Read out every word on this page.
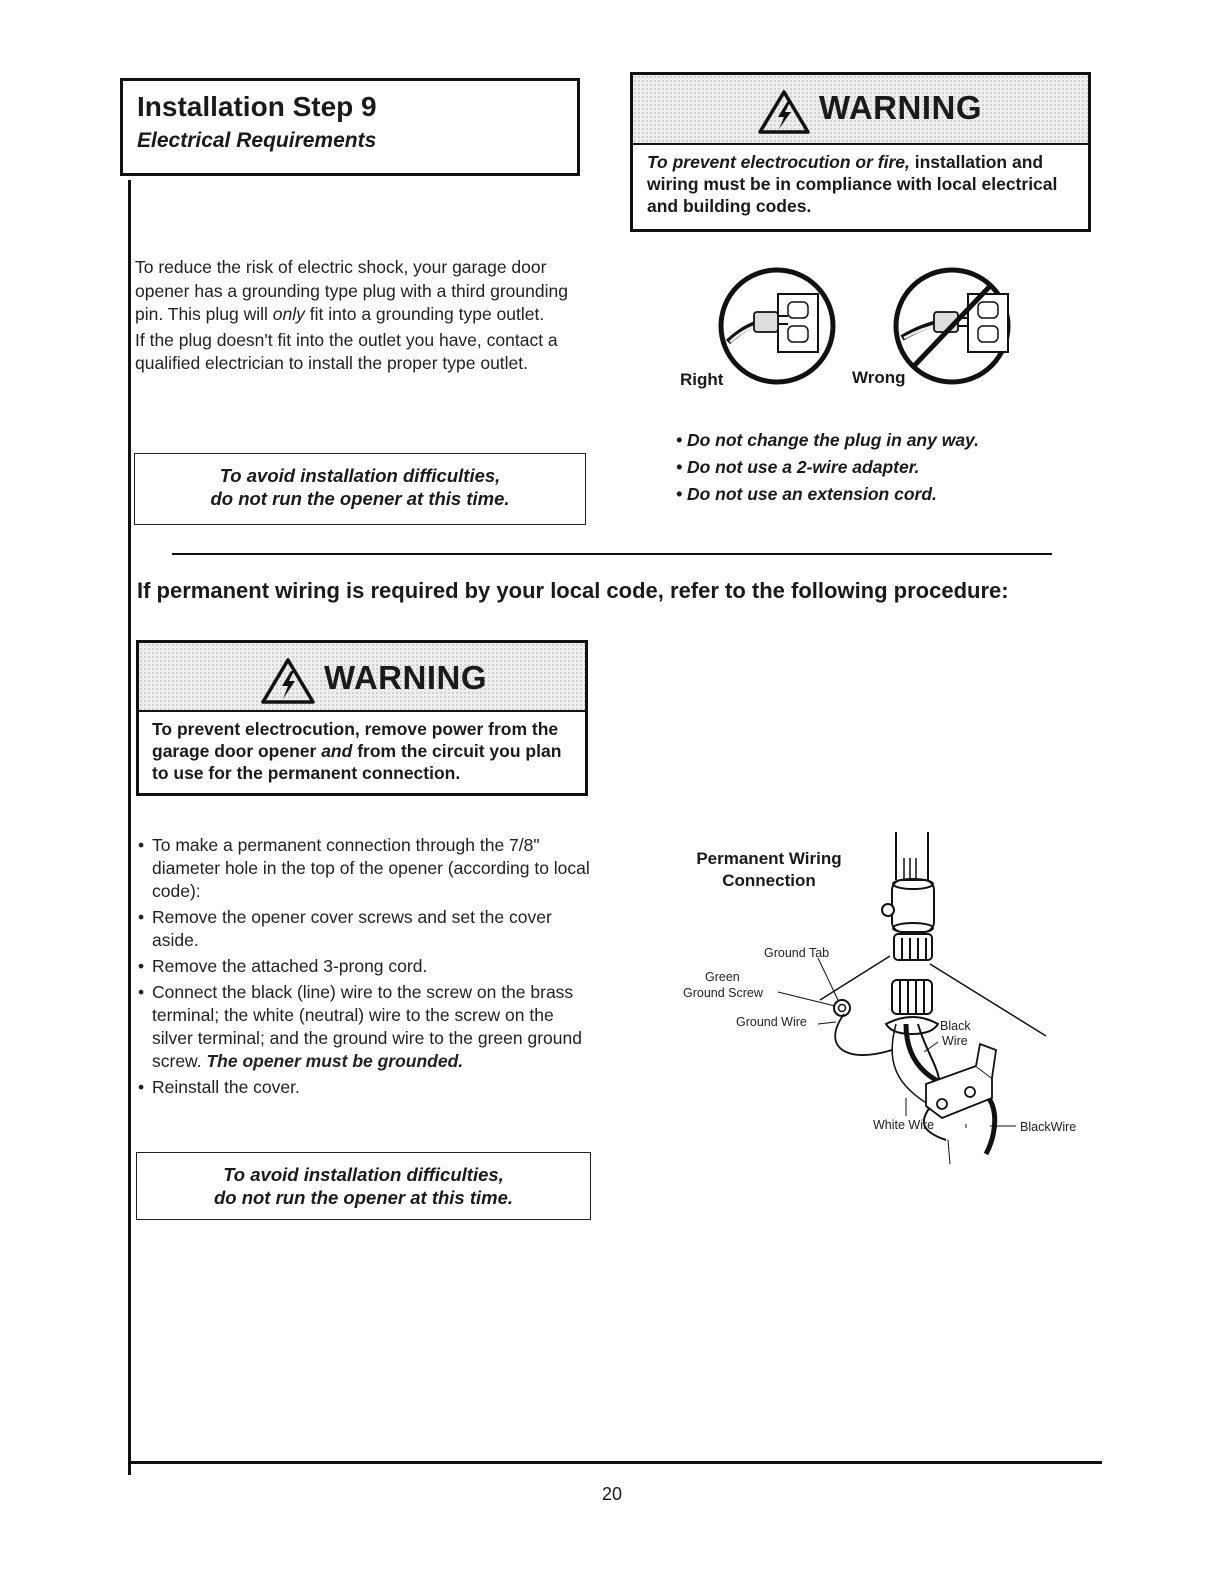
Installation Step 9
Electrical Requirements
WARNING
To prevent electrocution or fire, installation and wiring must be in compliance with local electrical and building codes.
To reduce the risk of electric shock, your garage door opener has a grounding type plug with a third grounding pin. This plug will only fit into a grounding type outlet.
If the plug doesn't fit into the outlet you have, contact a qualified electrician to install the proper type outlet.
To avoid installation difficulties,
do not run the opener at this time.
Right	Wrong
• Do not change the plug in any way.
• Do not use a 2-wire adapter.
• Do not use an extension cord.
If permanent wiring is required by your local code, refer to the following procedure:
WARNING
To prevent electrocution, remove power from the garage door opener and from the circuit you plan to use for the permanent connection.
• To make a permanent connection through the 7/8" diameter hole in the top of the opener (according to local code):
• Remove the opener cover screws and set the cover aside.
• Remove the attached 3-prong cord.
• Connect the black (line) wire to the screw on the brass terminal; the white (neutral) wire to the screw on the silver terminal; and the ground wire to the green ground screw. The opener must be grounded.
• Reinstall the cover.
To avoid installation difficulties,
do not run the opener at this time.
Permanent Wiring
Connection
Ground Tab
Green
Ground Screw
Ground Wire	Black
Wire
White Wire	BlackWire
20
